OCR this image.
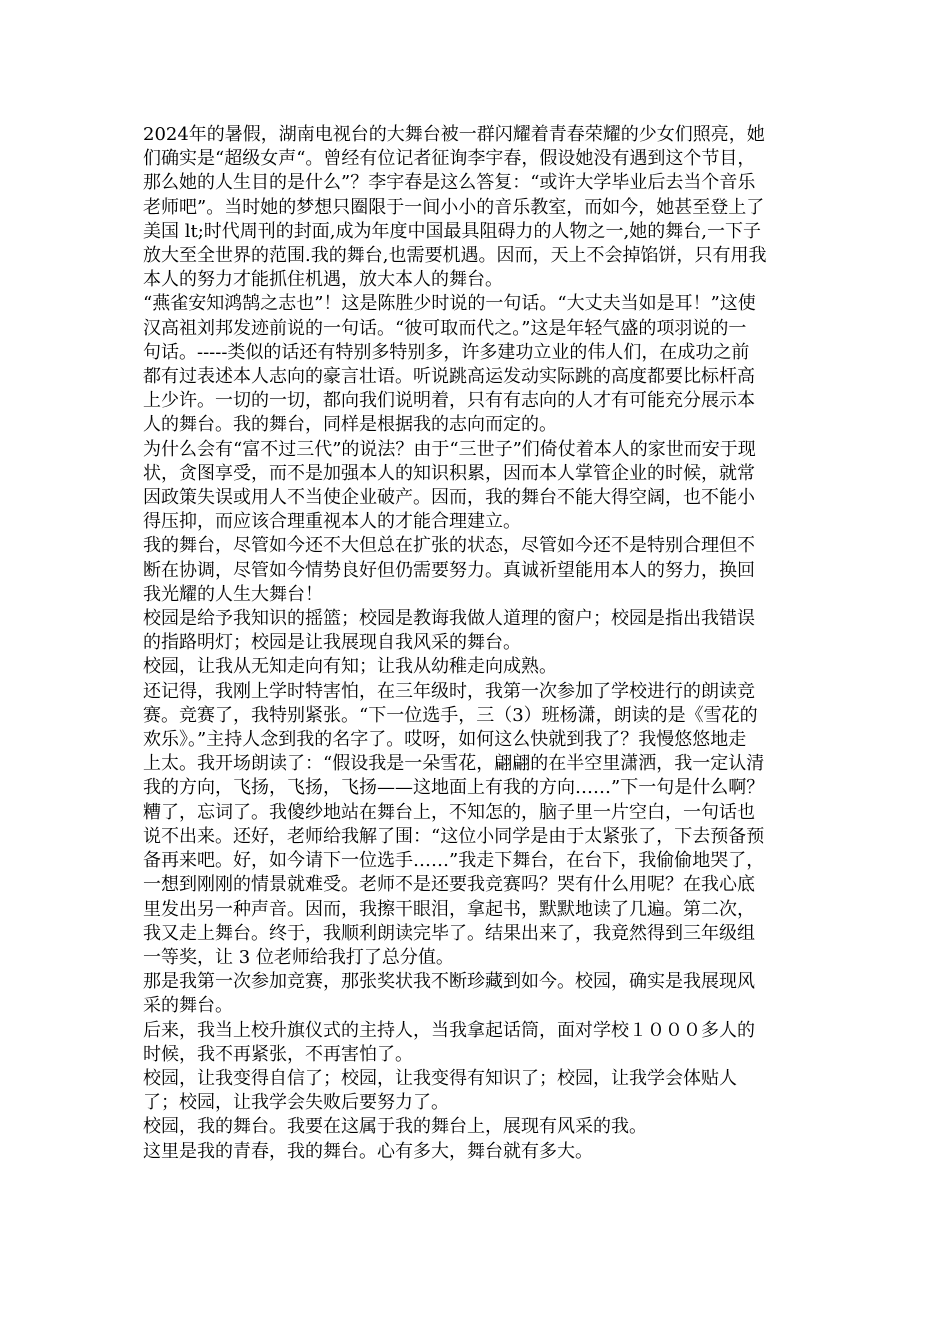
2024年的暑假，湖南电视台的大舞台被一群闪耀着青春荣耀的少女们照亮，她
们确实是“超级女声“。曾经有位记者征询李宇春，假设她没有遇到这个节目，
那么她的人生目的是什么”？李宇春是这么答复：“或许大学毕业后去当个音乐
老师吧”。当时她的梦想只圈限于一间小小的音乐教室，而如今，她甚至登上了
美国 lt;时代周刊的封面,成为年度中国最具阻碍力的人物之一,她的舞台,一下子
放大至全世界的范围.我的舞台,也需要机遇。因而，天上不会掉馅饼，只有用我
本人的努力才能抓住机遇，放大本人的舞台。

“燕雀安知鸿鹄之志也”！这是陈胜少时说的一句话。“大丈夫当如是耳！”这使
汉高祖刘邦发迹前说的一句话。“彼可取而代之。”这是年轻气盛的项羽说的一
句话。-----类似的话还有特别多特别多，许多建功立业的伟人们，在成功之前
都有过表述本人志向的豪言壮语。听说跳高运发动实际跳的高度都要比标杆高
上少许。一切的一切，都向我们说明着，只有有志向的人才有可能充分展示本
人的舞台。我的舞台，同样是根据我的志向而定的。

为什么会有“富不过三代”的说法？由于“三世子”们倚仗着本人的家世而安于现
状，贪图享受，而不是加强本人的知识积累，因而本人掌管企业的时候，就常
因政策失误或用人不当使企业破产。因而，我的舞台不能大得空阔，也不能小
得压抑，而应该合理重视本人的才能合理建立。

我的舞台，尽管如今还不大但总在扩张的状态，尽管如今还不是特别合理但不
断在协调，尽管如今情势良好但仍需要努力。真诚祈望能用本人的努力，换回
我光耀的人生大舞台！

校园是给予我知识的摇篮；校园是教诲我做人道理的窗户；校园是指出我错误
的指路明灯；校园是让我展现自我风采的舞台。

校园，让我从无知走向有知；让我从幼稚走向成熟。

还记得，我刚上学时特害怕，在三年级时，我第一次参加了学校进行的朗读竞
赛。竞赛了，我特别紧张。“下一位选手，三（3）班杨潇，朗读的是《雪花的
欢乐》。”主持人念到我的名字了。哎呀，如何这么快就到我了？我慢悠悠地走
上太。我开场朗读了：“假设我是一朵雪花，翩翩的在半空里潇洒，我一定认清
我的方向，飞扬，飞扬，飞扬——这地面上有我的方向……”下一句是什么啊？
糟了，忘词了。我傻纱地站在舞台上，不知怎的，脑子里一片空白，一句话也
说不出来。还好，老师给我解了围：“这位小同学是由于太紧张了，下去预备预
备再来吧。好，如今请下一位选手……”我走下舞台，在台下，我偷偷地哭了，
一想到刚刚的情景就难受。老师不是还要我竞赛吗？哭有什么用呢？在我心底
里发出另一种声音。因而，我擦干眼泪，拿起书，默默地读了几遍。第二次，
我又走上舞台。终于，我顺利朗读完毕了。结果出来了，我竟然得到三年级组
一等奖，让 3 位老师给我打了总分值。

那是我第一次参加竞赛，那张奖状我不断珍藏到如今。校园，确实是我展现风
采的舞台。

后来，我当上校升旗仪式的主持人，当我拿起话筒，面对学校１０００多人的
时候，我不再紧张，不再害怕了。

校园，让我变得自信了；校园，让我变得有知识了；校园，让我学会体贴人
了；校园，让我学会失败后要努力了。

校园，我的舞台。我要在这属于我的舞台上，展现有风采的我。

这里是我的青春，我的舞台。心有多大，舞台就有多大。
